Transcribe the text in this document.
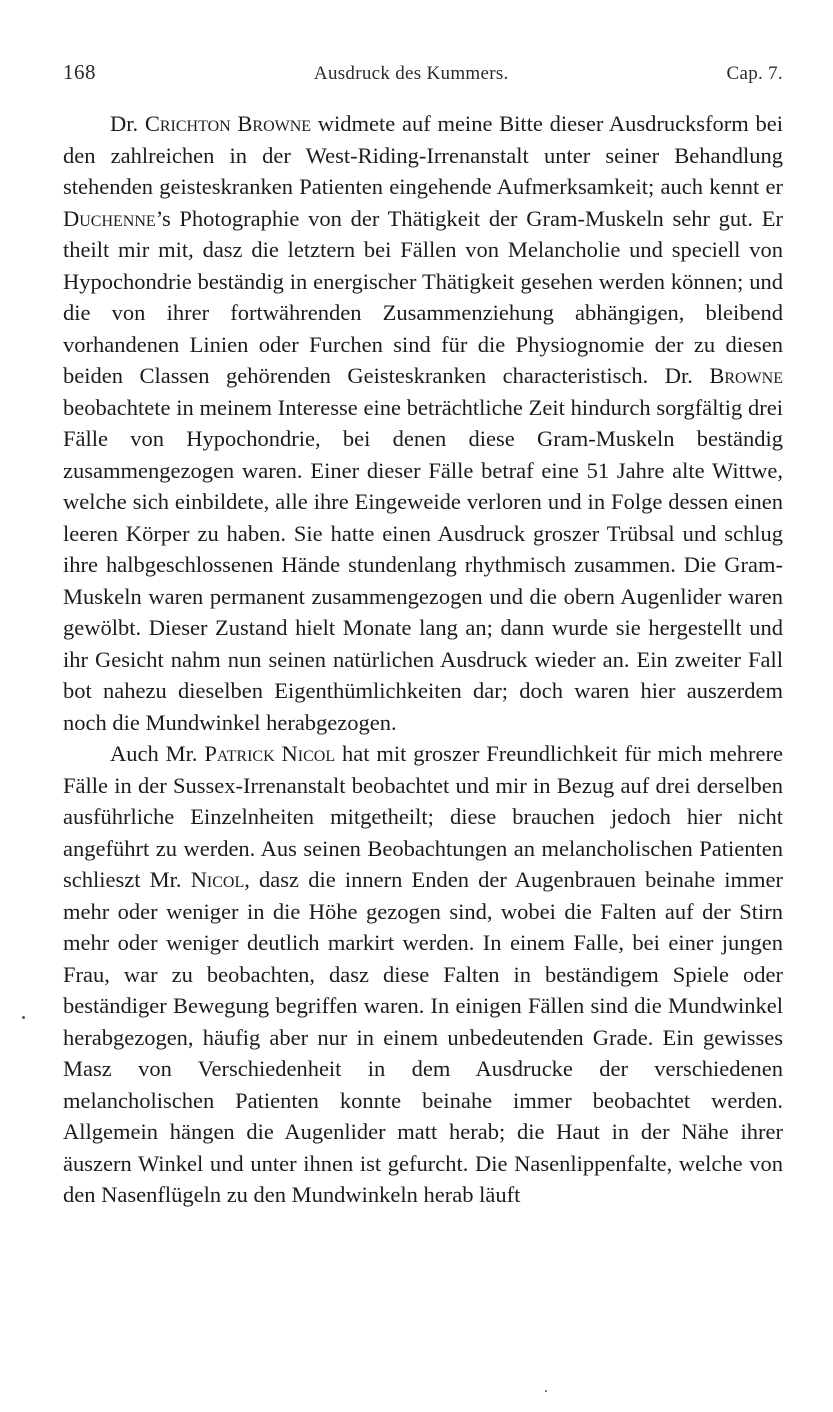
168	Ausdruck des Kummers.	Cap. 7.

Dr. Crichton Browne widmete auf meine Bitte dieser Ausdrucksform bei den zahlreichen in der West-Riding-Irrenanstalt unter seiner Behandlung stehenden geisteskranken Patienten eingehende Aufmerksamkeit; auch kennt er Duchenne’s Photographie von der Thätigkeit der Gram-Muskeln sehr gut. Er theilt mir mit, dasz die letztern bei Fällen von Melancholie und speciell von Hypochondrie beständig in energischer Thätigkeit gesehen werden können; und die von ihrer fortwährenden Zusammenziehung abhängigen, bleibend vorhandenen Linien oder Furchen sind für die Physiognomie der zu diesen beiden Classen gehörenden Geisteskranken characteristisch. Dr. Browne beobachtete in meinem Interesse eine beträchtliche Zeit hindurch sorgfältig drei Fälle von Hypochondrie, bei denen diese Gram-Muskeln beständig zusammengezogen waren. Einer dieser Fälle betraf eine 51 Jahre alte Wittwe, welche sich einbildete, alle ihre Eingeweide verloren und in Folge dessen einen leeren Körper zu haben. Sie hatte einen Ausdruck groszer Trübsal und schlug ihre halbgeschlossenen Hände stundenlang rhythmisch zusammen. Die Gram-Muskeln waren permanent zusammengezogen und die obern Augenlider waren gewölbt. Dieser Zustand hielt Monate lang an; dann wurde sie hergestellt und ihr Gesicht nahm nun seinen natürlichen Ausdruck wieder an. Ein zweiter Fall bot nahezu dieselben Eigenthümlichkeiten dar; doch waren hier auszerdem noch die Mundwinkel herabgezogen.

Auch Mr. Patrick Nicol hat mit groszer Freundlichkeit für mich mehrere Fälle in der Sussex-Irrenanstalt beobachtet und mir in Bezug auf drei derselben ausführliche Einzelnheiten mitgetheilt; diese brauchen jedoch hier nicht angeführt zu werden. Aus seinen Beobachtungen an melancholischen Patienten schlieszt Mr. Nicol, dasz die innern Enden der Augenbrauen beinahe immer mehr oder weniger in die Höhe gezogen sind, wobei die Falten auf der Stirn mehr oder weniger deutlich markirt werden. In einem Falle, bei einer jungen Frau, war zu beobachten, dasz diese Falten in beständigem Spiele oder beständiger Bewegung begriffen waren. In einigen Fällen sind die Mundwinkel herabgezogen, häufig aber nur in einem unbedeutenden Grade. Ein gewisses Masz von Verschiedenheit in dem Ausdrucke der verschiedenen melancholischen Patienten konnte beinahe immer beobachtet werden. Allgemein hängen die Augenlider matt herab; die Haut in der Nähe ihrer äuszern Winkel und unter ihnen ist gefurcht. Die Nasenlippenfalte, welche von den Nasenflügeln zu den Mundwinkeln herab läuft
